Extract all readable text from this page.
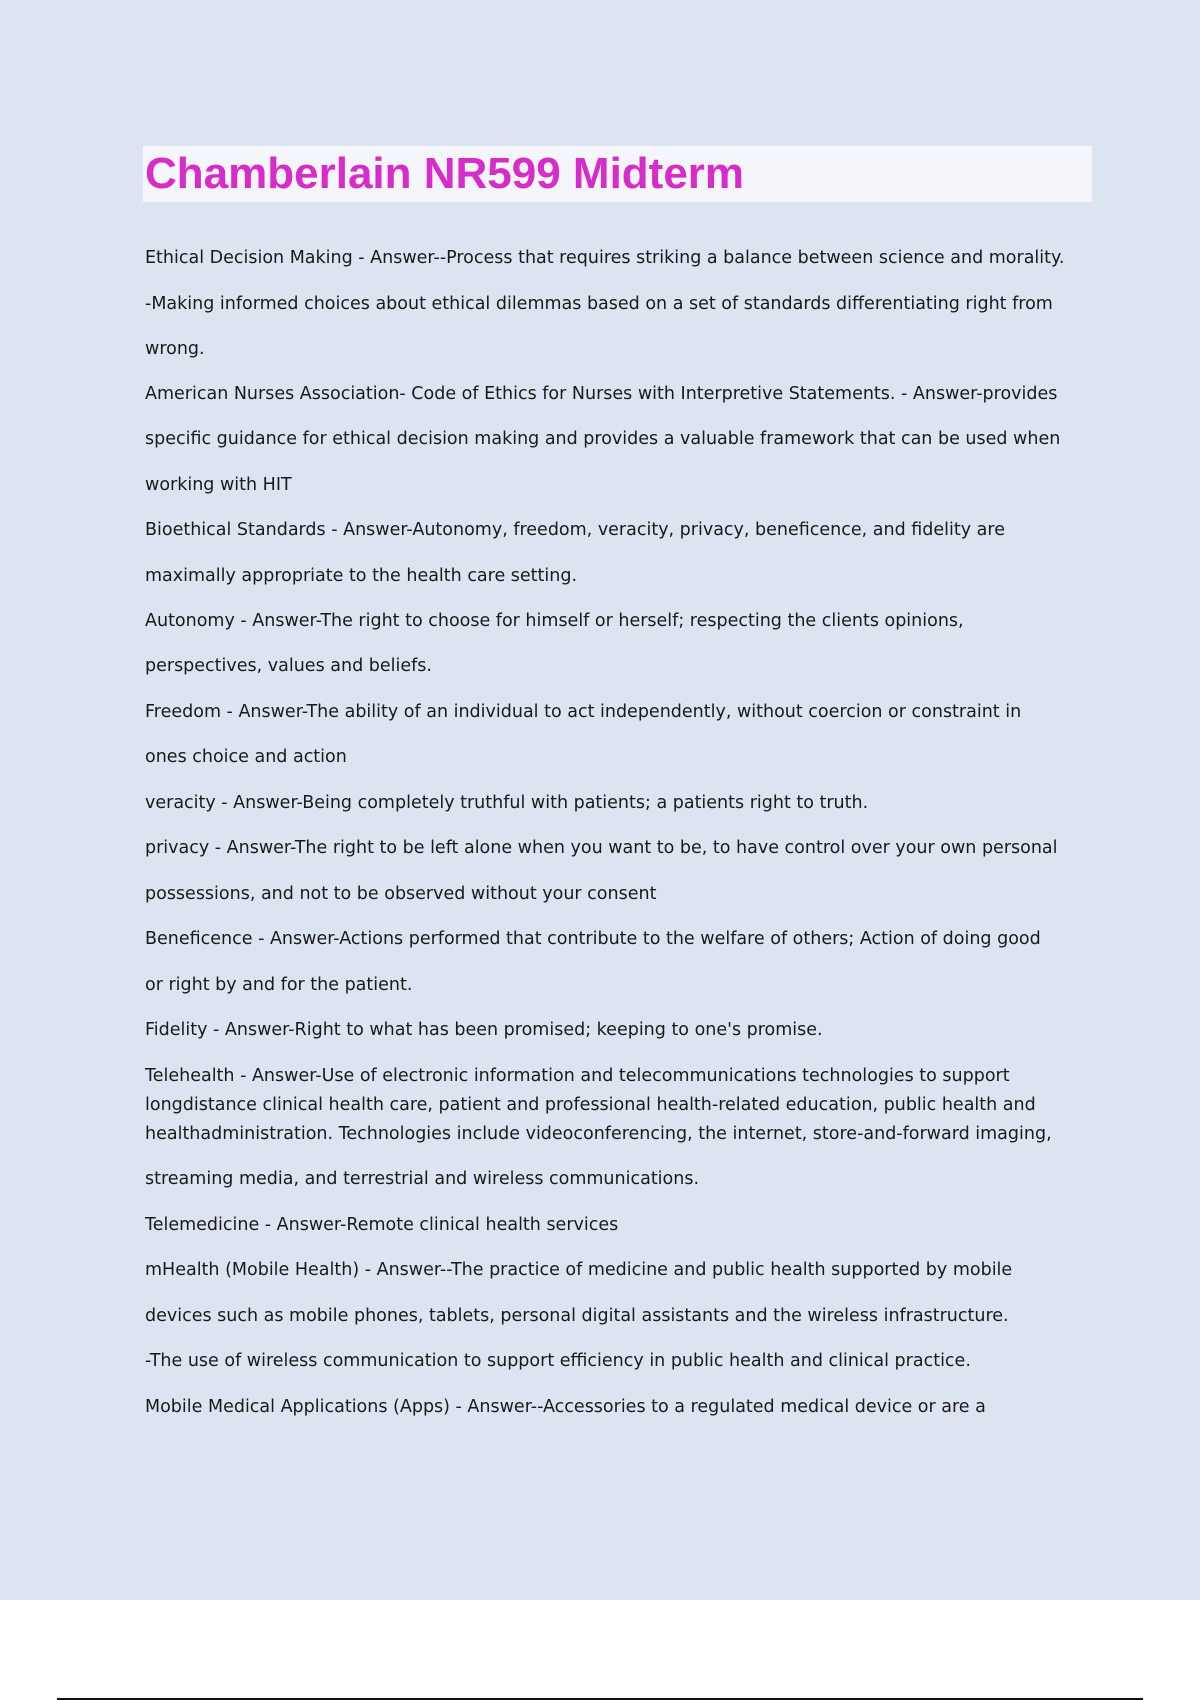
Chamberlain NR599 Midterm
Ethical Decision Making - Answer--Process that requires striking a balance between science and morality.
-Making informed choices about ethical dilemmas based on a set of standards differentiating right from
wrong.
American Nurses Association- Code of Ethics for Nurses with Interpretive Statements. - Answer-provides
specific guidance for ethical decision making and provides a valuable framework that can be used when
working with HIT
Bioethical Standards - Answer-Autonomy, freedom, veracity, privacy, beneficence, and fidelity are
maximally appropriate to the health care setting.
Autonomy - Answer-The right to choose for himself or herself; respecting the clients opinions,
perspectives, values and beliefs.
Freedom - Answer-The ability of an individual to act independently, without coercion or constraint in
ones choice and action
veracity - Answer-Being completely truthful with patients; a patients right to truth.
privacy - Answer-The right to be left alone when you want to be, to have control over your own personal
possessions, and not to be observed without your consent
Beneficence - Answer-Actions performed that contribute to the welfare of others; Action of doing good
or right by and for the patient.
Fidelity - Answer-Right to what has been promised; keeping to one's promise.
Telehealth - Answer-Use of electronic information and telecommunications technologies to support
longdistance clinical health care, patient and professional health-related education, public health and
healthadministration. Technologies include videoconferencing, the internet, store-and-forward imaging,
streaming media, and terrestrial and wireless communications.
Telemedicine - Answer-Remote clinical health services
mHealth (Mobile Health) - Answer--The practice of medicine and public health supported by mobile
devices such as mobile phones, tablets, personal digital assistants and the wireless infrastructure.
-The use of wireless communication to support efficiency in public health and clinical practice.
Mobile Medical Applications (Apps) - Answer--Accessories to a regulated medical device or are a
